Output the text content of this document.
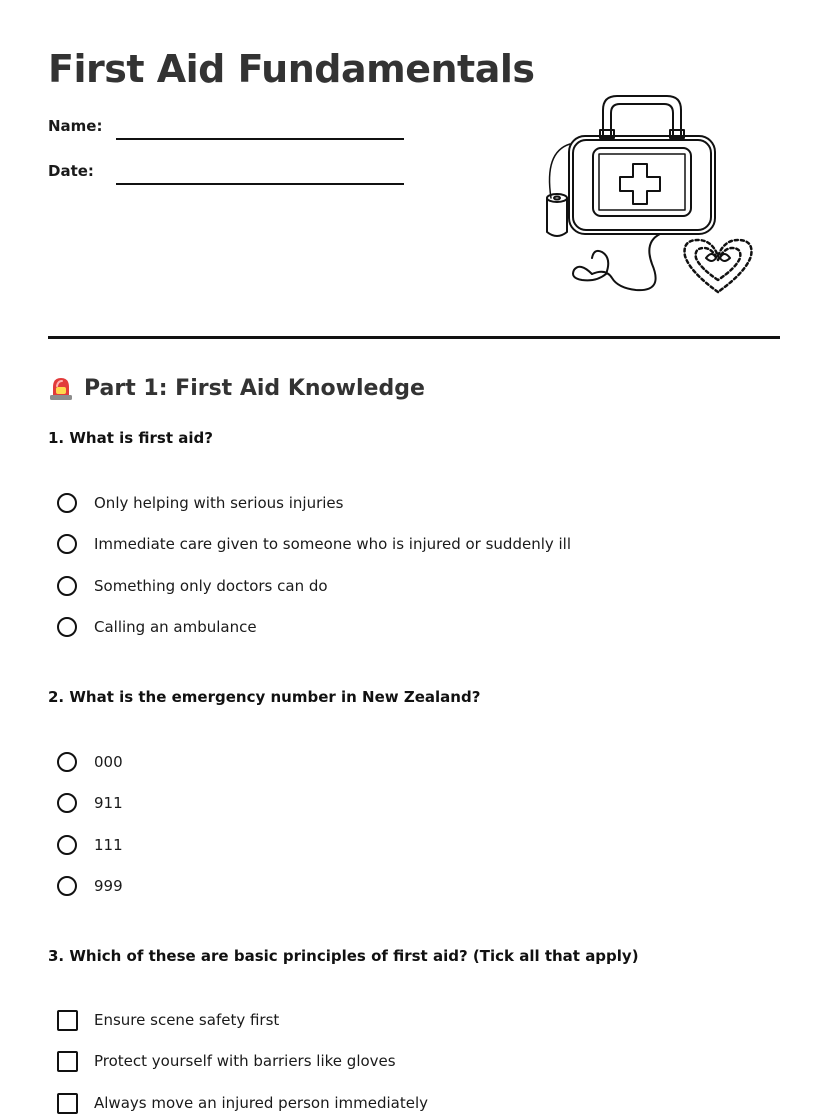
First Aid Fundamentals
Name:
Date:
Part 1: First Aid Knowledge
1. What is first aid?
Only helping with serious injuries
Immediate care given to someone who is injured or suddenly ill
Something only doctors can do
Calling an ambulance
2. What is the emergency number in New Zealand?
000
911
111
999
3. Which of these are basic principles of first aid? (Tick all that apply)
Ensure scene safety first
Protect yourself with barriers like gloves
Always move an injured person immediately
